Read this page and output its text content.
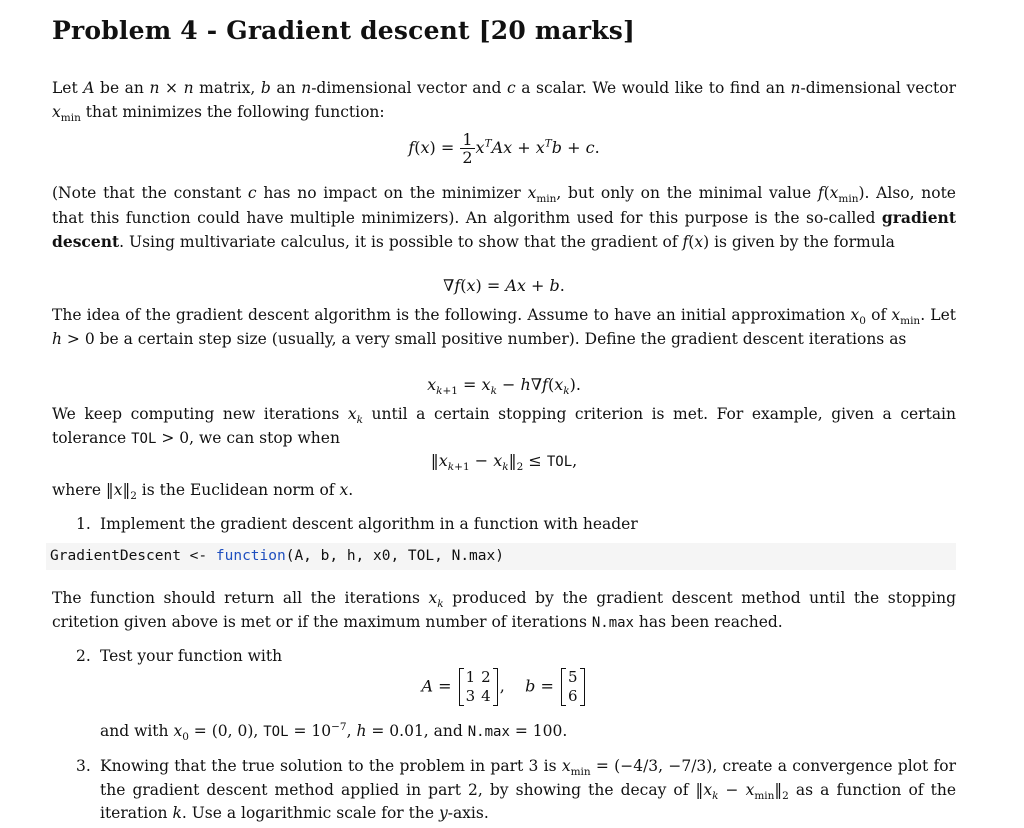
Problem 4 - Gradient descent [20 marks]

Let A be an n × n matrix, b an n-dimensional vector and c a scalar. We would like to find an n-dimensional vector $x_{min}$ that minimizes the following function:

$f(x) = \frac{1}{2} x^TAx + x^Tb + c$.

(Note that the constant c has no impact on the minimizer $x_{min}$, but only on the minimal value $f(x_{min})$. Also, note that this function could have multiple minimizers). An algorithm used for this purpose is the so-called gradient descent. Using multivariate calculus, it is possible to show that the gradient of f(x) is given by the formula

∇f(x) = Ax + b.

The idea of the gradient descent algorithm is the following. Assume to have an initial approximation $x_0$ of $x_{min}$. Let h > 0 be a certain step size (usually, a very small positive number). Define the gradient descent iterations as

$x_{k+1} = x_k - h\nabla f(x_k)$.

We keep computing new iterations $x_k$ until a certain stopping criterion is met. For example, given a certain tolerance TOL > 0, we can stop when

$‖x_{k+1}$ − $x_k‖_2$ ≤ TOL,

where $‖x‖_2$ is the Euclidean norm of x.

1. Implement the gradient descent algorithm in a function with header
GradientDescent <- function(A, b, h, x0, TOL, N.max)

The function should return all the iterations $x_k$ produced by the gradient descent method until the stopping critetion given above is met or if the maximum number of iterations N.max has been reached.

2. Test your function with
A = 1	2
3	4
,    b = 5
6
and with $x_0 = (0$, 0), TOL = $10^{-7}$, h = 0.01, and N.max = 100.
3. Knowing that the true solution to the problem in part 3 is $x_{min} = (-4/3$, −7/3), create a convergence plot for the gradient descent method applied in part 2, by showing the decay of $‖x_k$ − $x_{min}‖_2$ as a function of the iteration k. Use a logarithmic scale for the y-axis.
